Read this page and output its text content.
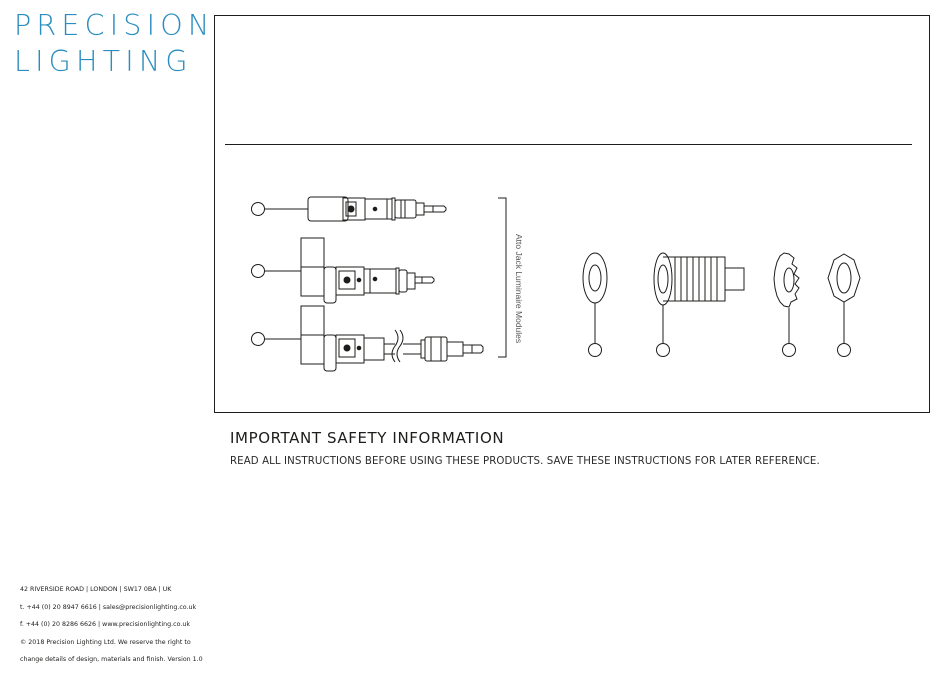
PRECISION
LIGHTING
Atto Jack Luminaire Modules
IMPORTANT SAFETY INFORMATION
READ ALL INSTRUCTIONS BEFORE USING THESE PRODUCTS. SAVE THESE INSTRUCTIONS FOR LATER REFERENCE.
42 RIVERSIDE ROAD | LONDON | SW17 0BA | UK
t. +44 (0) 20 8947 6616 | sales@precisionlighting.co.uk
f. +44 (0) 20 8286 6626 | www.precisionlighting.co.uk
© 2018 Precision Lighting Ltd. We reserve the right to
change details of design, materials and finish. Version 1.0
